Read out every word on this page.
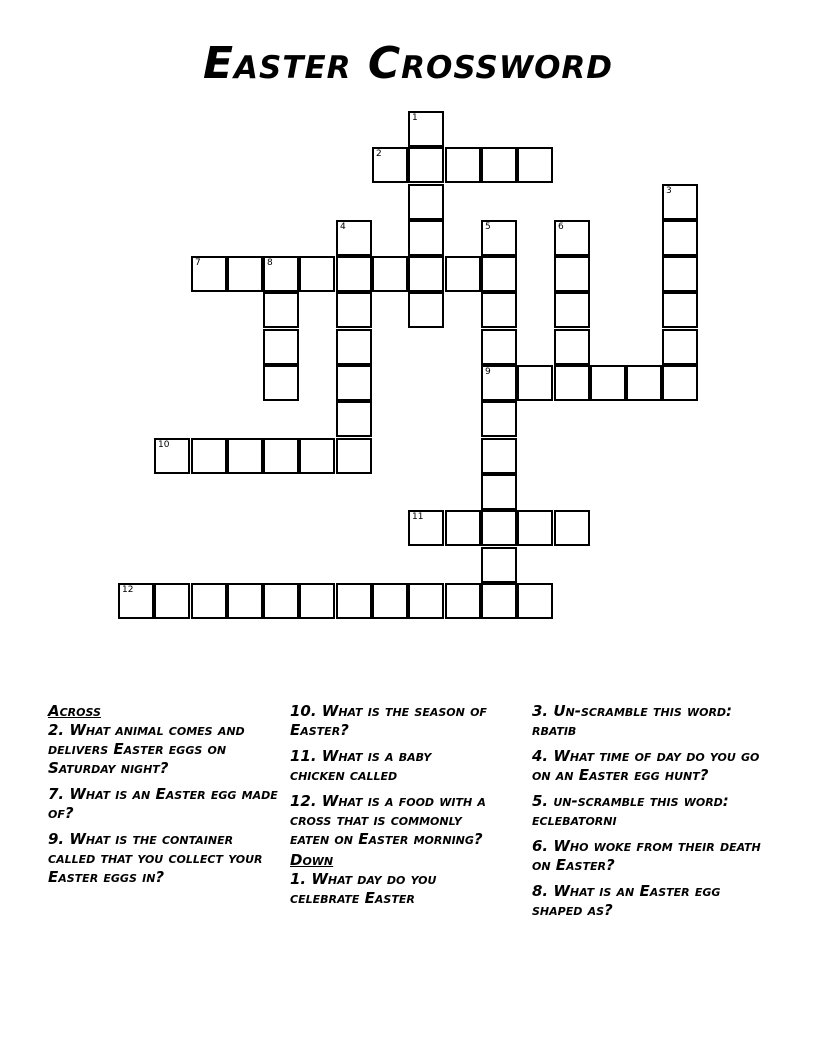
Easter Crossword
1
2
3
4	5	6
7	8
9
10
11
12
Across
2. What animal comes and delivers Easter eggs on Saturday night?
7. What is an Easter egg made of?
9. What is the container called that you collect your Easter eggs in?
10. What is the season of Easter?
11. What is a baby chicken called
12. What is a food with a cross that is commonly eaten on Easter morning?
Down
1. What day do you celebrate Easter
3. Un-scramble this word: rbatib
4. What time of day do you go on an Easter egg hunt?
5. un-scramble this word: eclebatorni
6. Who woke from their death on Easter?
8. What is an Easter egg shaped as?
